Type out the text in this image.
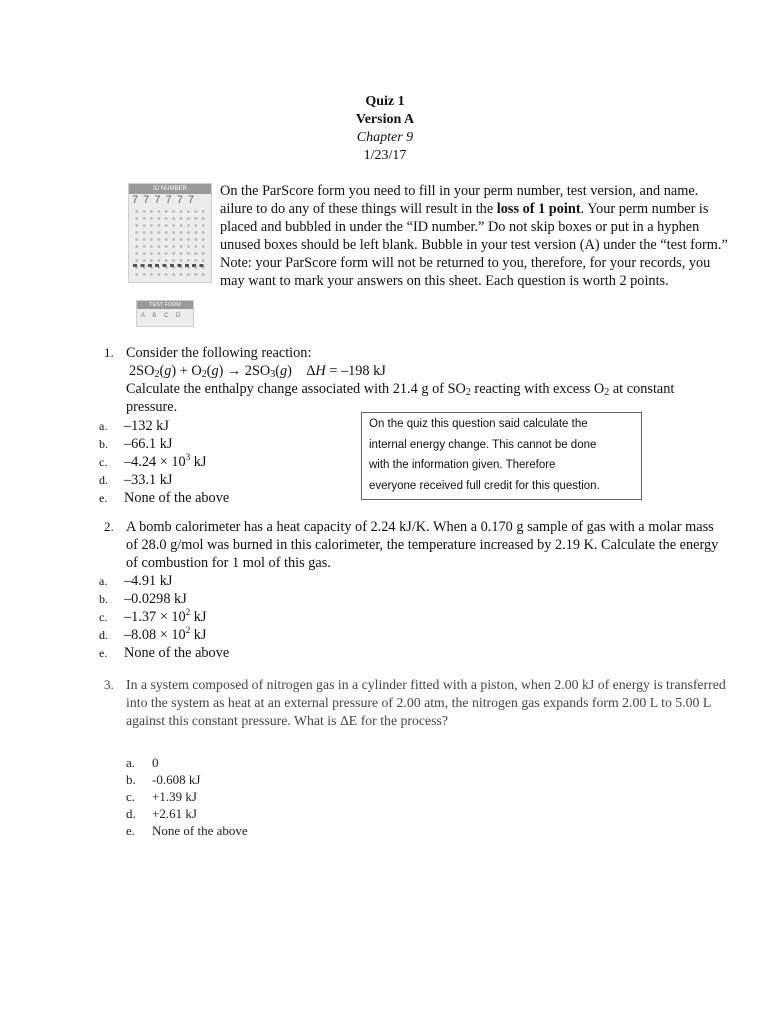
Quiz 1
Version A
Chapter 9
1/23/17
ID NUMBER
7 7 7 7 7 7
TEST FORM
A B C D
On the ParScore form you need to fill in your perm number, test version, and name. ailure to do any of these things will result in the loss of 1 point. Your perm number is placed and bubbled in under the “ID number.” Do not skip boxes or put in a hyphen unused boxes should be left blank. Bubble in your test version (A) under the “test form.” Note: your ParScore form will not be returned to you, therefore, for your records, you may want to mark your answers on this sheet. Each question is worth 2 points.
1. Consider the following reaction:
$2SO_2(g) + O_2(g) \to 2SO_3(g)$    ΔH = –198 kJ
Calculate the enthalpy change associated with 21.4 g of $SO_2$ reacting with excess $O_2$ at constant pressure.
a. –132 kJ
b. –66.1 kJ
c. $-4.24 \times 10^3$ kJ
d. –33.1 kJ
e. None of the above
On the quiz this question said calculate the
internal energy change. This cannot be done
with the information given. Therefore
everyone received full credit for this question.
2. A bomb calorimeter has a heat capacity of 2.24 kJ/K. When a 0.170 g sample of gas with a molar mass of 28.0 g/mol was burned in this calorimeter, the temperature increased by 2.19 K. Calculate the energy of combustion for 1 mol of this gas.
a. –4.91 kJ
b. –0.0298 kJ
c. $-1.37 \times 10^2$ kJ
d. $-8.08 \times 10^2$ kJ
e. None of the above
3. In a system composed of nitrogen gas in a cylinder fitted with a piston, when 2.00 kJ of energy is transferred into the system as heat at an external pressure of 2.00 atm, the nitrogen gas expands form 2.00 L to 5.00 L against this constant pressure. What is ΔE for the process?
a. 0
b. -0.608 kJ
c. +1.39 kJ
d. +2.61 kJ
e. None of the above
